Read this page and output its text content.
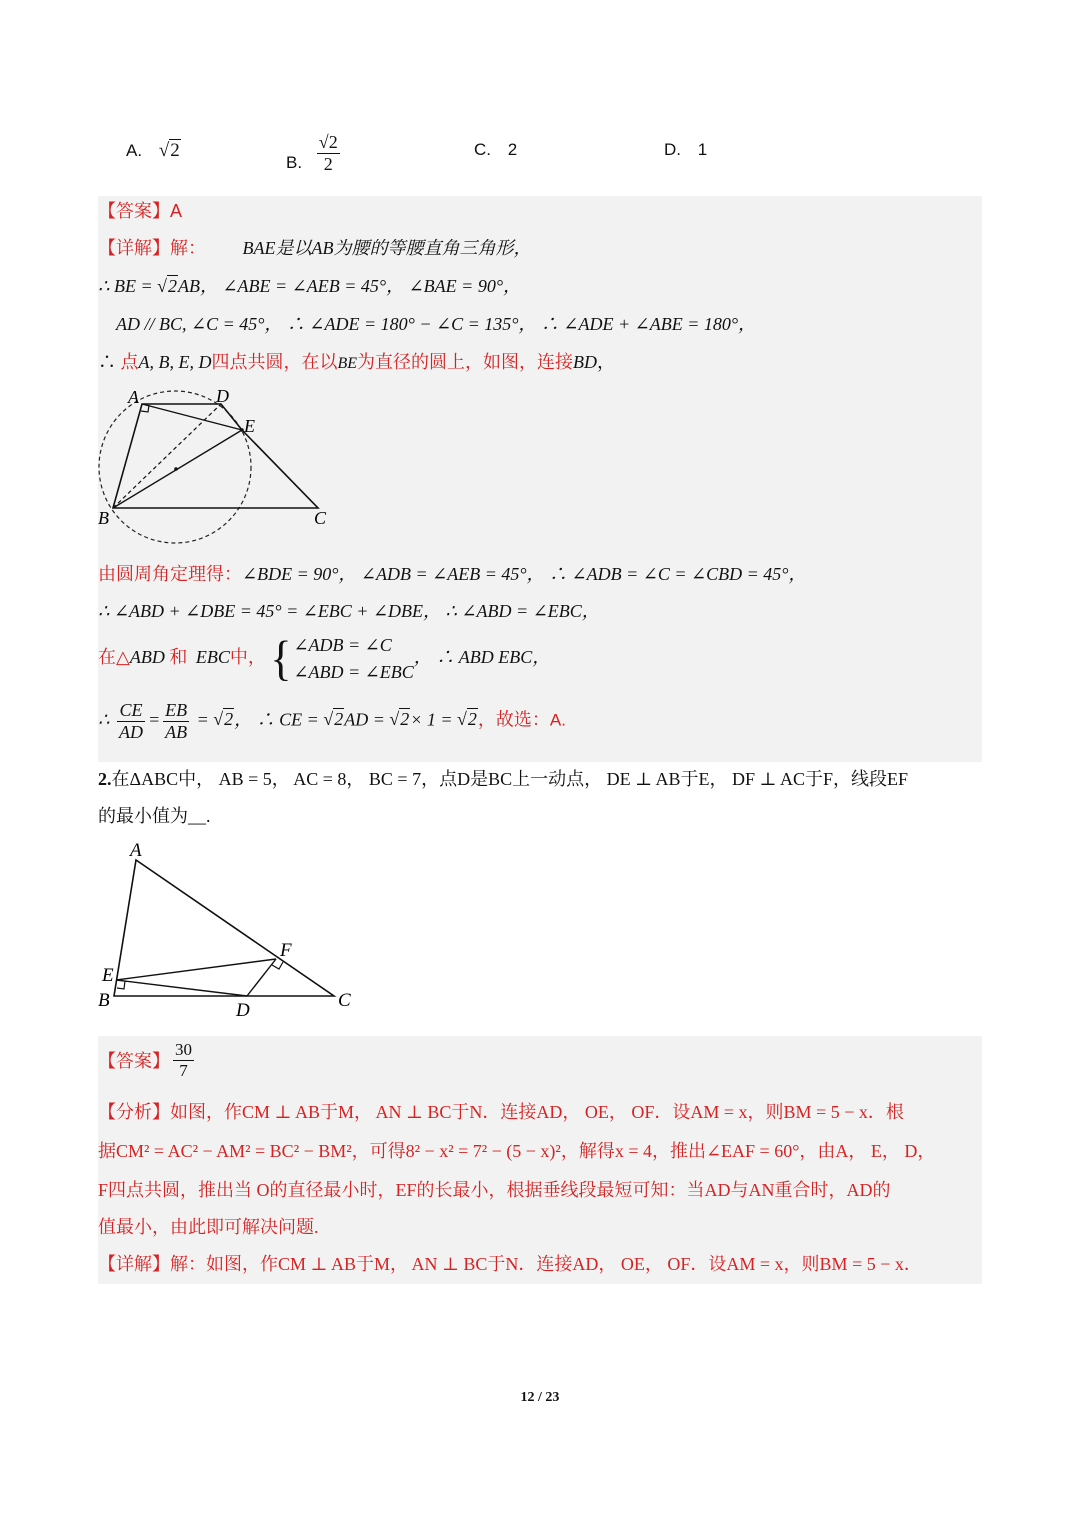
A. √2
B. $\frac{√2}{2}$	C. 2	D. 1
【答案】A
【详解】解： BAE是以AB为腰的等腰直角三角形，
∴ BE = √2AB， ∠ABE = ∠AEB = 45°， ∠BAE = 90°，
AD // BC, ∠C = 45°， ∴ ∠ADE = 180° − ∠C = 135°， ∴ ∠ADE + ∠ABE = 180°，
∴ 点A, B, E, D四点共圆，在以BE为直径的圆上，如图，连接BD，
A	D
E
B	C
由圆周角定理得：∠BDE = 90°， ∠ADB = ∠AEB = 45°， ∴ ∠ADB = ∠C = ∠CBD = 45°，
∴ ∠ABD + ∠DBE = 45° = ∠EBC + ∠DBE， ∴ ∠ABD = ∠EBC，
在△ABD 和 EBC中， { ∠ADB = ∠C
∠ABD = ∠EBC
， ∴ ABD EBC，
∴ $\frac{CE}{AD} = \frac{EB}{AB} = √2$， ∴ CE = √2AD = √2× 1 = √2，故选：A.
2.在ΔABC中， AB = 5， AC = 8， BC = 7，点D是BC上一动点， DE ⊥ AB于E， DF ⊥ AC于F，线段EF
的最小值为__.
A
F
E
B	D	C
【答案】 $\frac{30}{7}$
【分析】如图，作CM ⊥ AB于M， AN ⊥ BC于N．连接AD， OE， OF．设AM = x，则BM = 5 − x．根
据CM² = AC² − AM² = BC² − BM²，可得8² − x² = 7² − (5 − x)²，解得x = 4，推出∠EAF = 60°，由A， E， D，
F四点共圆，推出当 O的直径最小时，EF的长最小，根据垂线段最短可知：当AD与AN重合时，AD的
值最小，由此即可解决问题.
【详解】解：如图，作CM ⊥ AB于M， AN ⊥ BC于N．连接AD， OE， OF．设AM = x，则BM = 5 − x．
12 / 23
